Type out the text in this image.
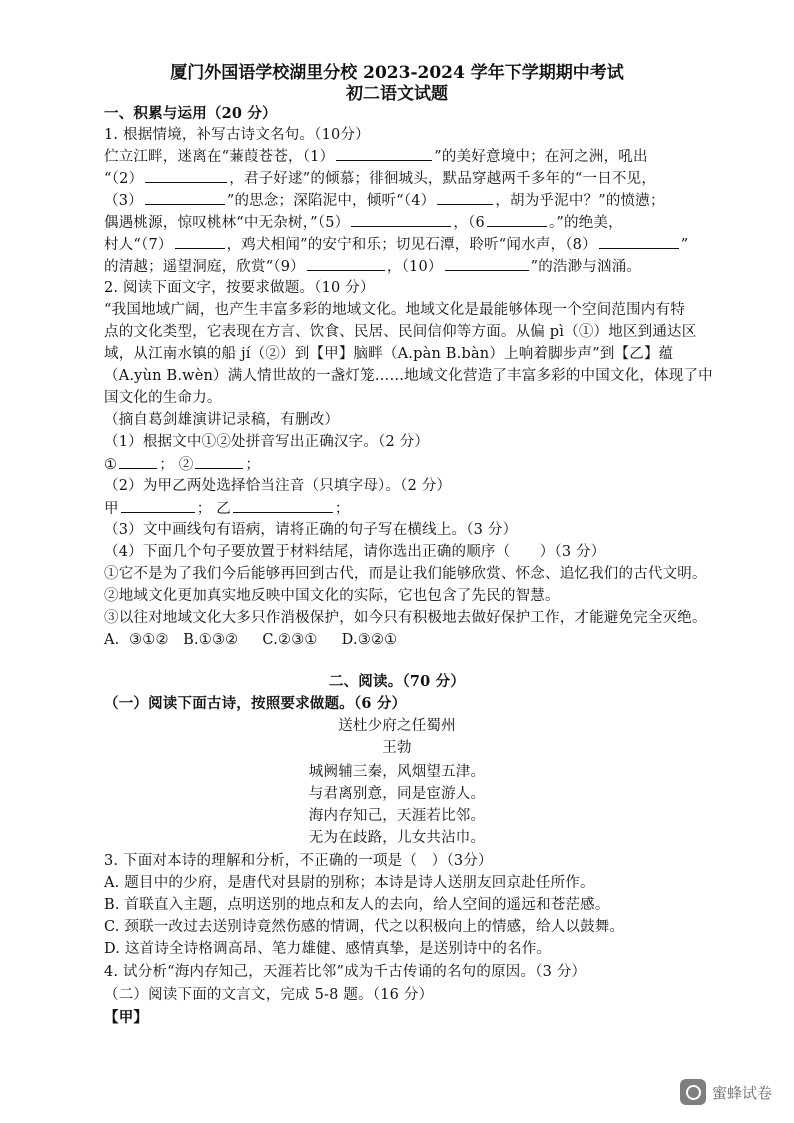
厦门外国语学校湖里分校 2023-2024 学年下学期期中考试
初二语文试题
一、积累与运用（20 分）
1. 根据情境，补写古诗文名句。（10分）
伫立江畔，迷离在“蒹葭苍苍，（1）	”的美好意境中；在河之洲，吼出
“（2）	，君子好逑”的倾慕；徘徊城头，默品穿越两千多年的“一日不见，
（3）	”的思念；深陷泥中，倾听“（4）	，胡为乎泥中？”的愤懑；
偶遇桃源，惊叹桃林“中无杂树，”（5）	，（6	。”的绝美，
村人“（7）	，鸡犬相闻”的安宁和乐；切见石潭，聆听“闻水声，（8）	”
的清越；遥望洞庭，欣赏“（9）	，（10）	”的浩渺与汹涌。
2. 阅读下面文字，按要求做题。（10 分）
“我国地域广阔，也产生丰富多彩的地域文化。地域文化是最能够体现一个空间范围内有特
点的文化类型，它表现在方言、饮食、民居、民间信仰等方面。从偏 pì（①）地区到通达区
域，从江南水镇的船 jí（②）到【甲】脑畔（A.pàn B.bàn）上响着脚步声”到【乙】蕴
（A.yùn B.wèn）满人情世故的一盏灯笼……地域文化营造了丰富多彩的中国文化，体现了中
国文化的生命力。
（摘自葛剑雄演讲记录稿，有删改）
（1）根据文中①②处拼音写出正确汉字。（2 分）
①	； ②	；
（2）为甲乙两处选择恰当注音（只填字母）。（2 分）
甲	； 乙	；
（3）文中画线句有语病，请将正确的句子写在横线上。（3 分）
（4）下面几个句子要放置于材料结尾，请你选出正确的顺序（　　）（3 分）
①它不是为了我们今后能够再回到古代，而是让我们能够欣赏、怀念、追忆我们的古代文明。
②地域文化更加真实地反映中国文化的实际，它也包含了先民的智慧。
③以往对地域文化大多只作消极保护，如今只有积极地去做好保护工作，才能避免完全灭绝。
A.  ③①②   B.①③②     C.②③①     D.③②①
二、阅读。（70 分）
（一）阅读下面古诗，按照要求做题。（6 分）
送杜少府之任蜀州
王勃
城阙辅三秦，风烟望五津。
与君离别意，同是宦游人。
海内存知己，天涯若比邻。
无为在歧路，儿女共沾巾。
3. 下面对本诗的理解和分析，不正确的一项是（　）（3分）
A. 题目中的少府，是唐代对县尉的别称；本诗是诗人送朋友回京赴任所作。
B. 首联直入主题，点明送别的地点和友人的去向，给人空间的遥远和苍茫感。
C. 颈联一改过去送别诗竟然伤感的情调，代之以积极向上的情感，给人以鼓舞。
D. 这首诗全诗格调高昂、笔力雄健、感情真挚，是送别诗中的名作。
4. 试分析“海内存知己，天涯若比邻”成为千古传诵的名句的原因。（3 分）
（二）阅读下面的文言文，完成 5-8 题。（16 分）
【甲】
蜜蜂试卷
